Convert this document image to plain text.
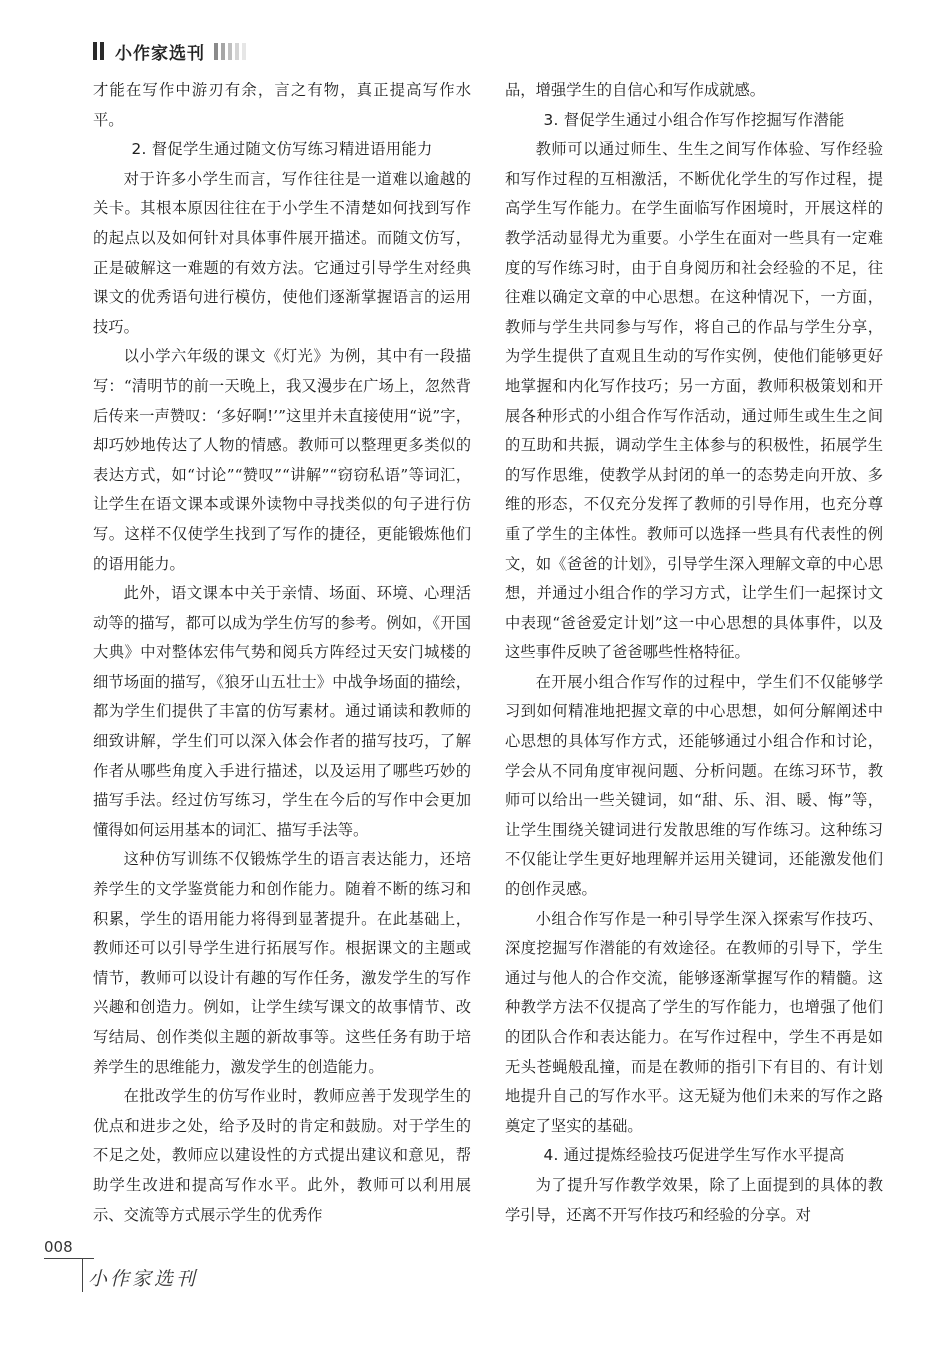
小作家选刊

才能在写作中游刃有余，言之有物，真正提高写作水平。

2. 督促学生通过随文仿写练习精进语用能力

对于许多小学生而言，写作往往是一道难以逾越的关卡。其根本原因往往在于小学生不清楚如何找到写作的起点以及如何针对具体事件展开描述。而随文仿写，正是破解这一难题的有效方法。它通过引导学生对经典课文的优秀语句进行模仿，使他们逐渐掌握语言的运用技巧。

以小学六年级的课文《灯光》为例，其中有一段描写：“清明节的前一天晚上，我又漫步在广场上，忽然背后传来一声赞叹：‘多好啊!’”这里并未直接使用“说”字，却巧妙地传达了人物的情感。教师可以整理更多类似的表达方式，如“讨论”“赞叹”“讲解”“窃窃私语”等词汇，让学生在语文课本或课外读物中寻找类似的句子进行仿写。这样不仅使学生找到了写作的捷径，更能锻炼他们的语用能力。

此外，语文课本中关于亲情、场面、环境、心理活动等的描写，都可以成为学生仿写的参考。例如，《开国大典》中对整体宏伟气势和阅兵方阵经过天安门城楼的细节场面的描写，《狼牙山五壮士》中战争场面的描绘，都为学生们提供了丰富的仿写素材。通过诵读和教师的细致讲解，学生们可以深入体会作者的描写技巧，了解作者从哪些角度入手进行描述，以及运用了哪些巧妙的描写手法。经过仿写练习，学生在今后的写作中会更加懂得如何运用基本的词汇、描写手法等。

这种仿写训练不仅锻炼学生的语言表达能力，还培养学生的文学鉴赏能力和创作能力。随着不断的练习和积累，学生的语用能力将得到显著提升。在此基础上，教师还可以引导学生进行拓展写作。根据课文的主题或情节，教师可以设计有趣的写作任务，激发学生的写作兴趣和创造力。例如，让学生续写课文的故事情节、改写结局、创作类似主题的新故事等。这些任务有助于培养学生的思维能力，激发学生的创造能力。

在批改学生的仿写作业时，教师应善于发现学生的优点和进步之处，给予及时的肯定和鼓励。对于学生的不足之处，教师应以建设性的方式提出建议和意见，帮助学生改进和提高写作水平。此外，教师可以利用展示、交流等方式展示学生的优秀作

品，增强学生的自信心和写作成就感。

3. 督促学生通过小组合作写作挖掘写作潜能

教师可以通过师生、生生之间写作体验、写作经验和写作过程的互相激活，不断优化学生的写作过程，提高学生写作能力。在学生面临写作困境时，开展这样的教学活动显得尤为重要。小学生在面对一些具有一定难度的写作练习时，由于自身阅历和社会经验的不足，往往难以确定文章的中心思想。在这种情况下，一方面，教师与学生共同参与写作，将自己的作品与学生分享，为学生提供了直观且生动的写作实例，使他们能够更好地掌握和内化写作技巧；另一方面，教师积极策划和开展各种形式的小组合作写作活动，通过师生或生生之间的互助和共振，调动学生主体参与的积极性，拓展学生的写作思维，使教学从封闭的单一的态势走向开放、多维的形态，不仅充分发挥了教师的引导作用，也充分尊重了学生的主体性。教师可以选择一些具有代表性的例文，如《爸爸的计划》，引导学生深入理解文章的中心思想，并通过小组合作的学习方式，让学生们一起探讨文中表现“爸爸爱定计划”这一中心思想的具体事件，以及这些事件反映了爸爸哪些性格特征。

在开展小组合作写作的过程中，学生们不仅能够学习到如何精准地把握文章的中心思想，如何分解阐述中心思想的具体写作方式，还能够通过小组合作和讨论，学会从不同角度审视问题、分析问题。在练习环节，教师可以给出一些关键词，如“甜、乐、泪、暖、悔”等，让学生围绕关键词进行发散思维的写作练习。这种练习不仅能让学生更好地理解并运用关键词，还能激发他们的创作灵感。

小组合作写作是一种引导学生深入探索写作技巧、深度挖掘写作潜能的有效途径。在教师的引导下，学生通过与他人的合作交流，能够逐渐掌握写作的精髓。这种教学方法不仅提高了学生的写作能力，也增强了他们的团队合作和表达能力。在写作过程中，学生不再是如无头苍蝇般乱撞，而是在教师的指引下有目的、有计划地提升自己的写作水平。这无疑为他们未来的写作之路奠定了坚实的基础。

4. 通过提炼经验技巧促进学生写作水平提高

为了提升写作教学效果，除了上面提到的具体的教学引导，还离不开写作技巧和经验的分享。对

008
小作家选刊
